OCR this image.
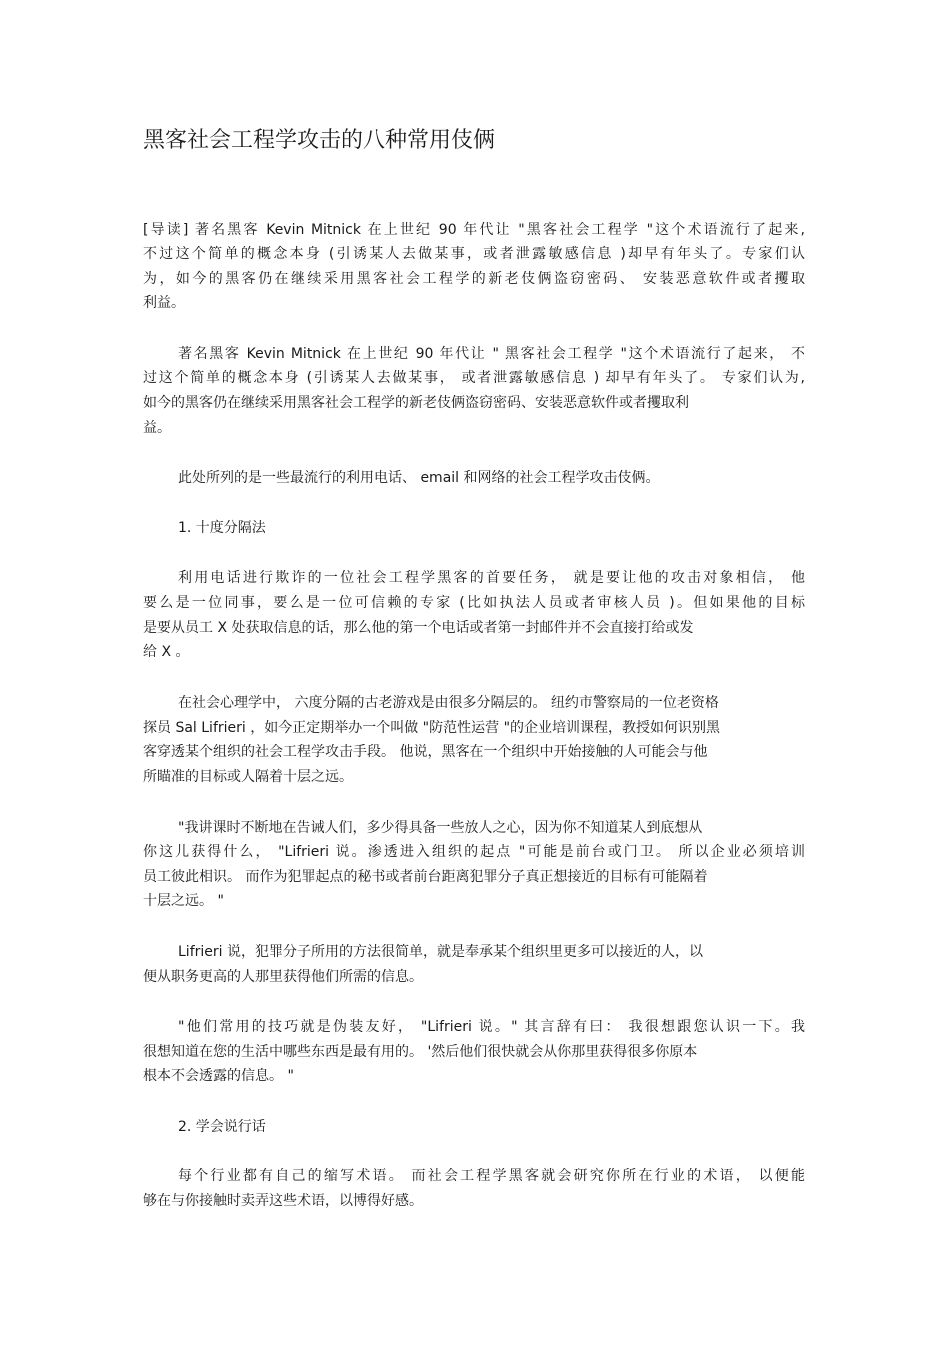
黑客社会工程学攻击的八种常用伎俩
[导读] 著名黑客 Kevin Mitnick 在上世纪 90 年代让 "黑客社会工程学 "这个术语流行了起来,
不过这个简单的概念本身 (引诱某人去做某事，或者泄露敏感信息 )却早有年头了。专家们认
为，如今的黑客仍在继续采用黑客社会工程学的新老伎俩盗窃密码、 安装恶意软件或者攫取
利益。
著名黑客 Kevin Mitnick 在上世纪 90 年代让 " 黑客社会工程学 "这个术语流行了起来， 不
过这个简单的概念本身 (引诱某人去做某事， 或者泄露敏感信息 ) 却早有年头了。 专家们认为,
如今的黑客仍在继续采用黑客社会工程学的新老伎俩盗窃密码、安装恶意软件或者攫取利
益。
此处所列的是一些最流行的利用电话、 email 和网络的社会工程学攻击伎俩。
1. 十度分隔法
利用电话进行欺诈的一位社会工程学黑客的首要任务， 就是要让他的攻击对象相信， 他
要么是一位同事，要么是一位可信赖的专家 (比如执法人员或者审核人员 )。但如果他的目标
是要从员工 X 处获取信息的话，那么他的第一个电话或者第一封邮件并不会直接打给或发
给 X 。
在社会心理学中， 六度分隔的古老游戏是由很多分隔层的。 纽约市警察局的一位老资格
探员 Sal Lifrieri ，如今正定期举办一个叫做 "防范性运营 "的企业培训课程，教授如何识别黑
客穿透某个组织的社会工程学攻击手段。 他说，黑客在一个组织中开始接触的人可能会与他
所瞄准的目标或人隔着十层之远。
"我讲课时不断地在告诫人们，多少得具备一些放人之心，因为你不知道某人到底想从
你这儿获得什么， "Lifrieri 说。渗透进入组织的起点 "可能是前台或门卫。 所以企业必须培训
员工彼此相识。 而作为犯罪起点的秘书或者前台距离犯罪分子真正想接近的目标有可能隔着
十层之远。 "
Lifrieri 说，犯罪分子所用的方法很简单，就是奉承某个组织里更多可以接近的人，以
便从职务更高的人那里获得他们所需的信息。
"他们常用的技巧就是伪装友好， "Lifrieri 说。" 其言辞有曰： 我很想跟您认识一下。我
很想知道在您的生活中哪些东西是最有用的。 '然后他们很快就会从你那里获得很多你原本
根本不会透露的信息。 "
2. 学会说行话
每个行业都有自己的缩写术语。 而社会工程学黑客就会研究你所在行业的术语， 以便能
够在与你接触时卖弄这些术语，以博得好感。
